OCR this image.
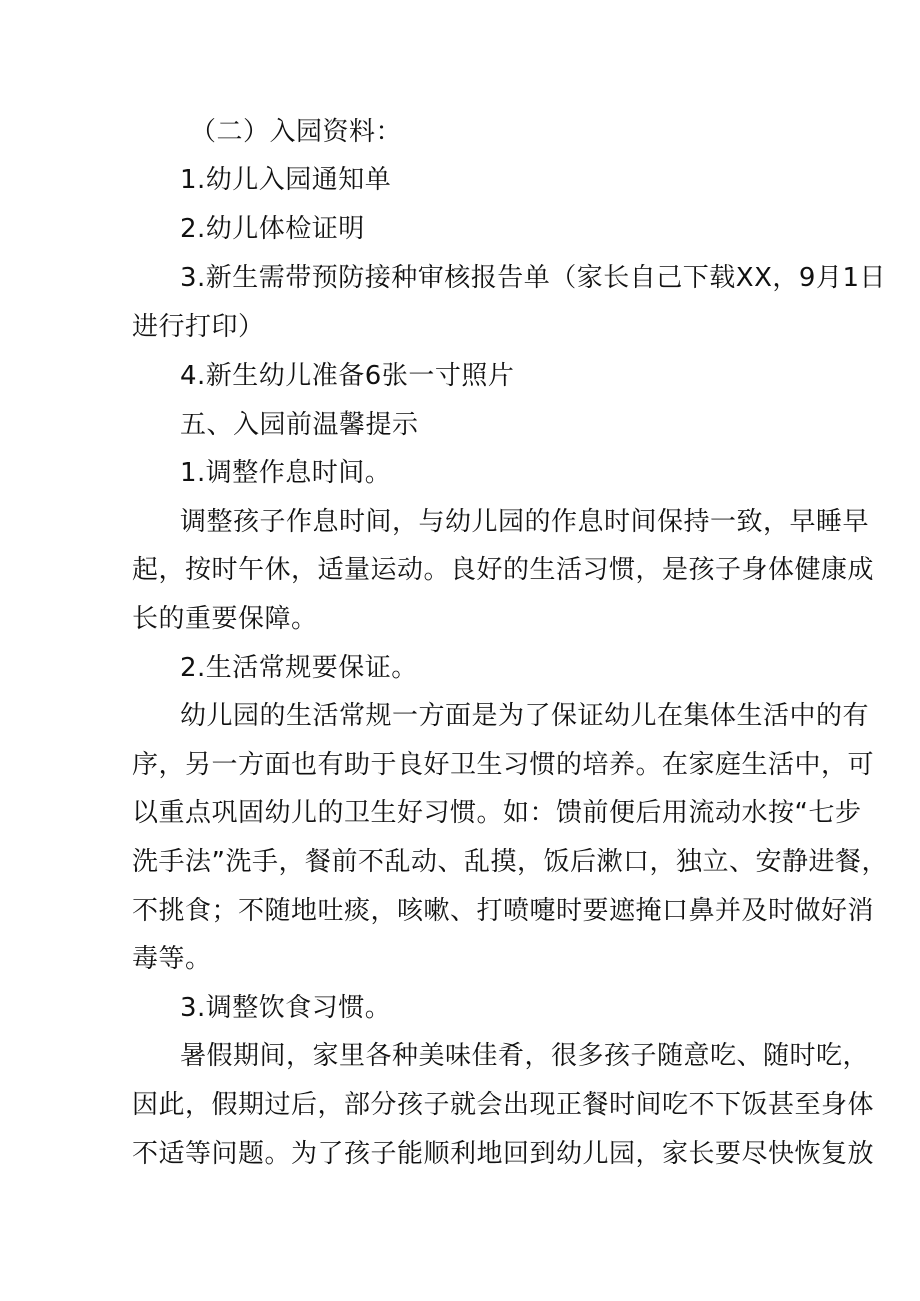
（二）入园资料：
1.幼儿入园通知单
2.幼儿体检证明
3.新生需带预防接种审核报告单（家长自己下载XX，9月1日
进行打印）
4.新生幼儿准备6张一寸照片
五、入园前温馨提示
1.调整作息时间。
调整孩子作息时间，与幼儿园的作息时间保持一致，早睡早
起，按时午休，适量运动。良好的生活习惯，是孩子身体健康成
长的重要保障。
2.生活常规要保证。
幼儿园的生活常规一方面是为了保证幼儿在集体生活中的有
序，另一方面也有助于良好卫生习惯的培养。在家庭生活中，可
以重点巩固幼儿的卫生好习惯。如：馈前便后用流动水按“七步
洗手法”洗手，餐前不乱动、乱摸，饭后漱口，独立、安静进餐，
不挑食；不随地吐痰，咳嗽、打喷嚏时要遮掩口鼻并及时做好消
毒等。
3.调整饮食习惯。
暑假期间，家里各种美味佳肴，很多孩子随意吃、随时吃，
因此，假期过后，部分孩子就会出现正餐时间吃不下饭甚至身体
不适等问题。为了孩子能顺利地回到幼儿园，家长要尽快恢复放
